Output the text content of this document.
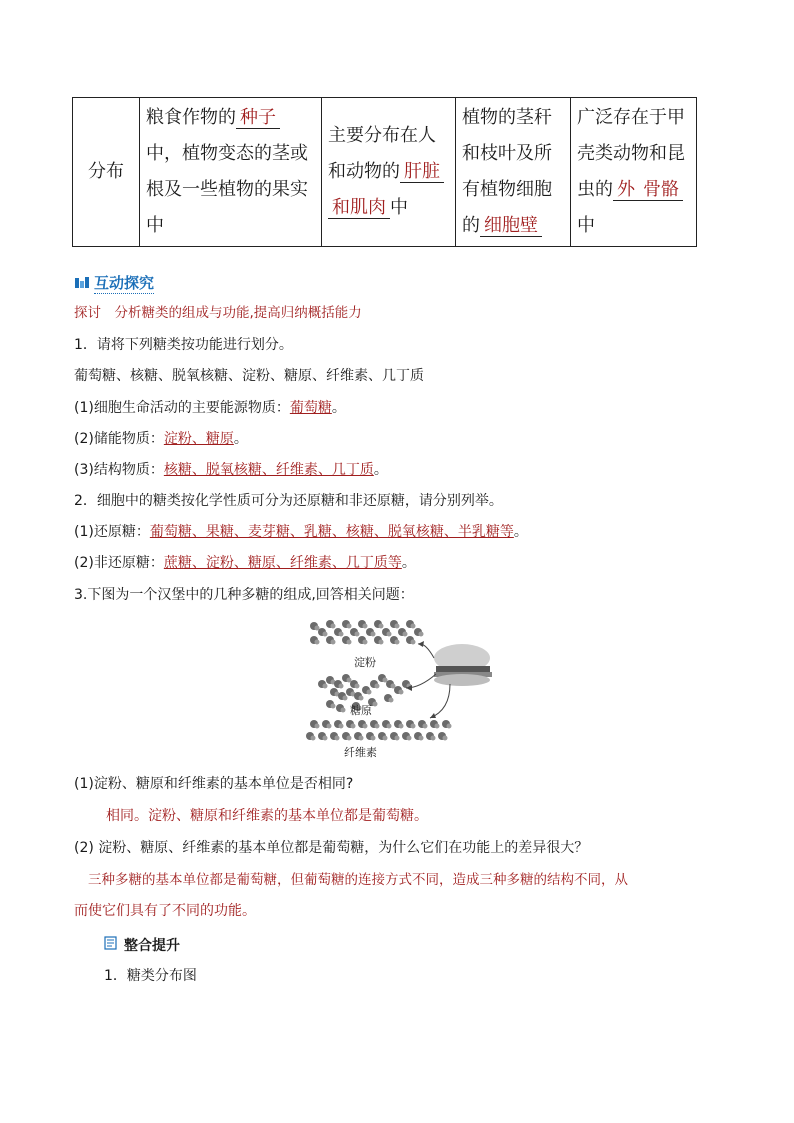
分布	粮食作物的 种子中，植物变态的茎或根及一些植物的果实中	主要分布在人和动物的 肝脏和肌肉 中	植物的茎秆和枝叶及所有植物细胞的 细胞壁	广泛存在于甲壳类动物和昆虫的 外 骨骼中
互动探究
探讨　分析糖类的组成与功能,提高归纳概括能力
1．请将下列糖类按功能进行划分。
葡萄糖、核糖、脱氧核糖、淀粉、糖原、纤维素、几丁质
(1)细胞生命活动的主要能源物质：葡萄糖。
(2)储能物质：淀粉、糖原。
(3)结构物质：核糖、脱氧核糖、纤维素、几丁质。
2．细胞中的糖类按化学性质可分为还原糖和非还原糖，请分别列举。
(1)还原糖：葡萄糖、果糖、麦芽糖、乳糖、核糖、脱氧核糖、半乳糖等。
(2)非还原糖：蔗糖、淀粉、糖原、纤维素、几丁质等。
3.下图为一个汉堡中的几种多糖的组成,回答相关问题：
淀粉
糖原
纤维素
(1)淀粉、糖原和纤维素的基本单位是否相同?
相同。淀粉、糖原和纤维素的基本单位都是葡萄糖。
(2) 淀粉、糖原、纤维素的基本单位都是葡萄糖，为什么它们在功能上的差异很大？
三种多糖的基本单位都是葡萄糖，但葡萄糖的连接方式不同，造成三种多糖的结构不同，从
而使它们具有了不同的功能。
整合提升
1．糖类分布图
